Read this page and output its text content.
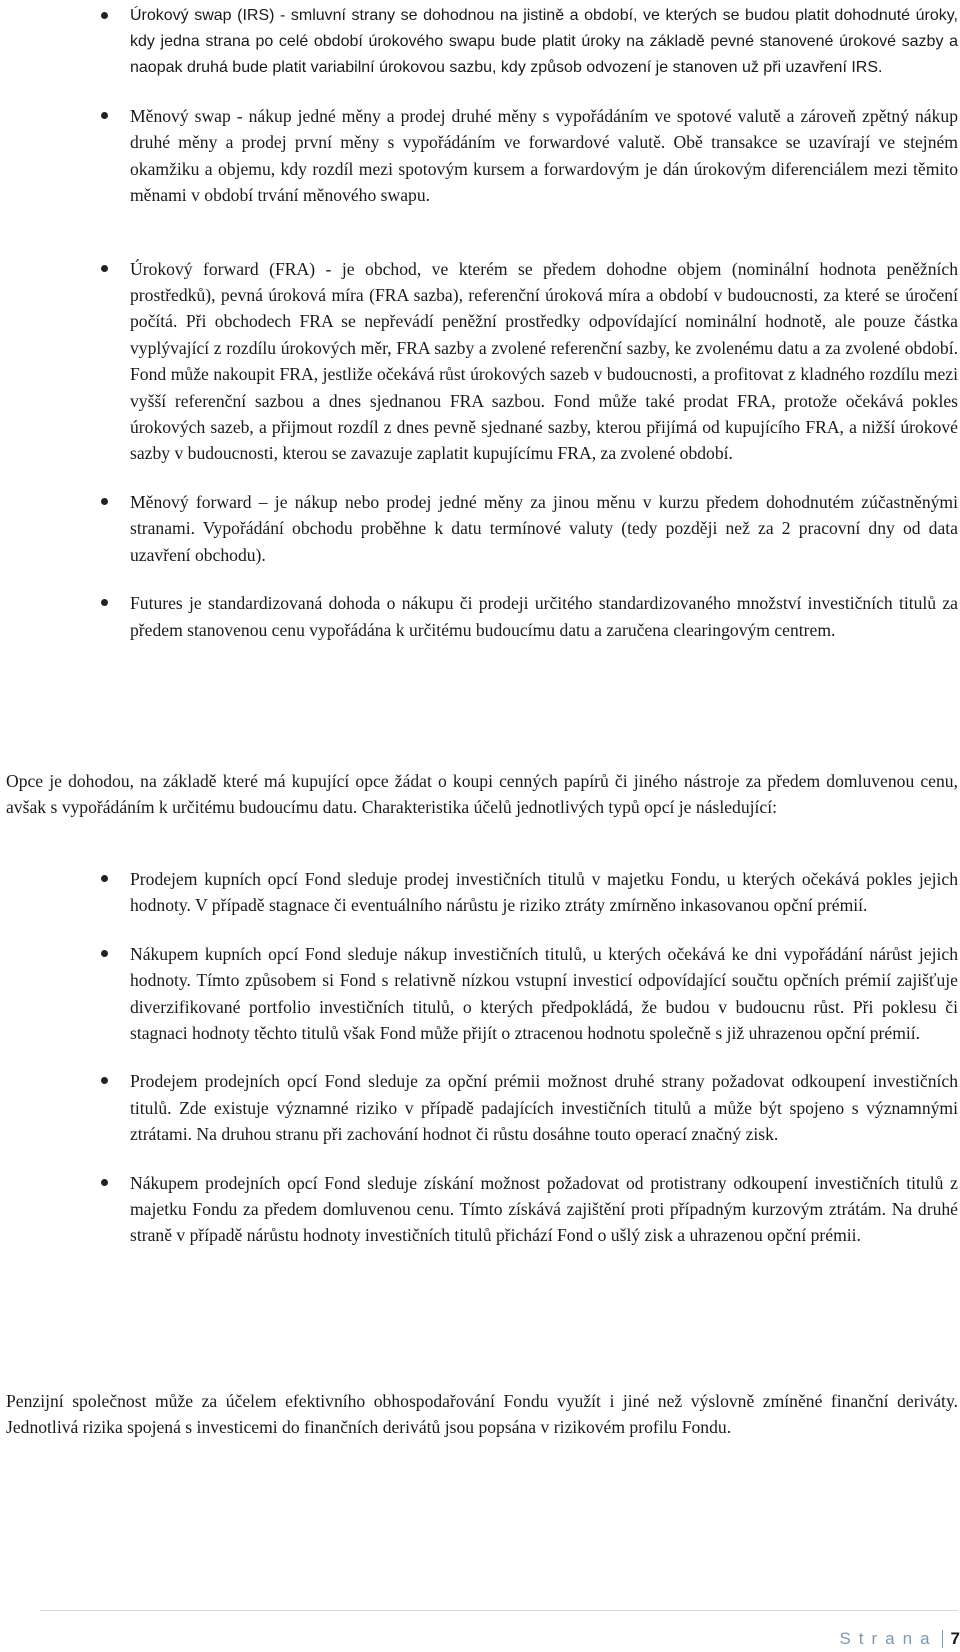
Úrokový swap (IRS) - smluvní strany se dohodnou na jistině a období, ve kterých se budou platit dohodnuté úroky, kdy jedna strana po celé období úrokového swapu bude platit úroky na základě pevné stanovené úrokové sazby a naopak druhá bude platit variabilní úrokovou sazbu, kdy způsob odvození je stanoven už při uzavření IRS.
Měnový swap - nákup jedné měny a prodej druhé měny s vypořádáním ve spotové valutě a zároveň zpětný nákup druhé měny a prodej první měny s vypořádáním ve forwardové valutě. Obě transakce se uzavírají ve stejném okamžiku a objemu, kdy rozdíl mezi spotovým kursem a forwardovým je dán úrokovým diferenciálem mezi těmito měnami v období trvání měnového swapu.
Úrokový forward (FRA) - je obchod, ve kterém se předem dohodne objem (nominální hodnota peněžních prostředků), pevná úroková míra (FRA sazba), referenční úroková míra a období v budoucnosti, za které se úročení počítá. Při obchodech FRA se nepřevádí peněžní prostředky odpovídající nominální hodnotě, ale pouze částka vyplývající z rozdílu úrokových měr, FRA sazby a zvolené referenční sazby, ke zvolenému datu a za zvolené období. Fond může nakoupit FRA, jestliže očekává růst úrokových sazeb v budoucnosti, a profitovat z kladného rozdílu mezi vyšší referenční sazbou a dnes sjednanou FRA sazbou. Fond může také prodat FRA, protože očekává pokles úrokových sazeb, a přijmout rozdíl z dnes pevně sjednané sazby, kterou přijímá od kupujícího FRA, a nižší úrokové sazby v budoucnosti, kterou se zavazuje zaplatit kupujícímu FRA, za zvolené období.
Měnový forward – je nákup nebo prodej jedné měny za jinou měnu v kurzu předem dohodnutém zúčastněnými stranami. Vypořádání obchodu proběhne k datu termínové valuty (tedy později než za 2 pracovní dny od data uzavření obchodu).
Futures je standardizovaná dohoda o nákupu či prodeji určitého standardizovaného množství investičních titulů za předem stanovenou cenu vypořádána k určitému budoucímu datu a zaručena clearingovým centrem.

Opce je dohodou, na základě které má kupující opce žádat o koupi cenných papírů či jiného nástroje za předem domluvenou cenu, avšak s vypořádáním k určitému budoucímu datu. Charakteristika účelů jednotlivých typů opcí je následující:

Prodejem kupních opcí Fond sleduje prodej investičních titulů v majetku Fondu, u kterých očekává pokles jejich hodnoty. V případě stagnace či eventuálního nárůstu je riziko ztráty zmírněno inkasovanou opční prémií.
Nákupem kupních opcí Fond sleduje nákup investičních titulů, u kterých očekává ke dni vypořádání nárůst jejich hodnoty. Tímto způsobem si Fond s relativně nízkou vstupní investicí odpovídající součtu opčních prémií zajišťuje diverzifikované portfolio investičních titulů, o kterých předpokládá, že budou v budoucnu růst. Při poklesu či stagnaci hodnoty těchto titulů však Fond může přijít o ztracenou hodnotu společně s již uhrazenou opční prémií.
Prodejem prodejních opcí Fond sleduje za opční prémii možnost druhé strany požadovat odkoupení investičních titulů. Zde existuje významné riziko v případě padajících investičních titulů a může být spojeno s významnými ztrátami. Na druhou stranu při zachování hodnot či růstu dosáhne touto operací značný zisk.
Nákupem prodejních opcí Fond sleduje získání možnost požadovat od protistrany odkoupení investičních titulů z majetku Fondu za předem domluvenou cenu. Tímto získává zajištění proti případným kurzovým ztrátám. Na druhé straně v případě nárůstu hodnoty investičních titulů přichází Fond o ušlý zisk a uhrazenou opční prémii.

Penzijní společnost může za účelem efektivního obhospodařování Fondu využít i jiné než výslovně zmíněné finanční deriváty. Jednotlivá rizika spojená s investicemi do finančních derivátů jsou popsána v rizikovém profilu Fondu.

Strana 7
